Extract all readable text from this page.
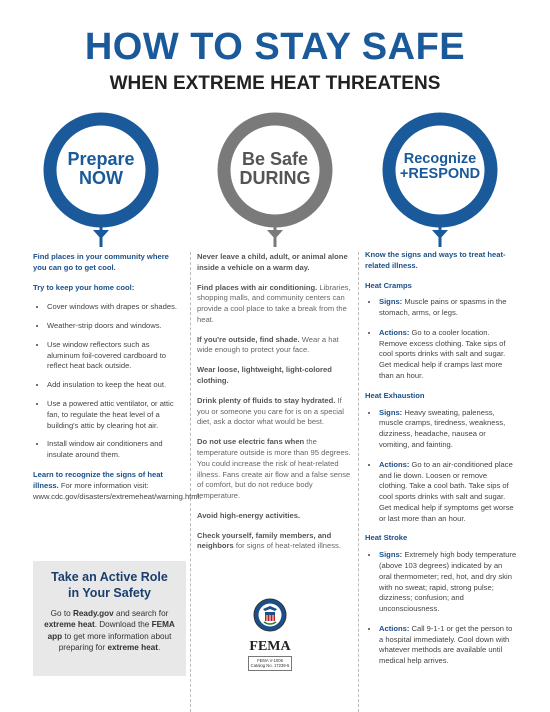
HOW TO STAY SAFE
WHEN EXTREME HEAT THREATENS
Prepare
NOW
Be Safe
DURING
Recognize
+RESPOND

Find places in your community where you can go to get cool.

Try to keep your home cool:

• Cover windows with drapes or shades.
• Weather-strip doors and windows.
• Use window reflectors such as aluminum foil-covered cardboard to reflect heat back outside.
• Add insulation to keep the heat out.
• Use a powered attic ventilator, or attic fan, to regulate the heat level of a building's attic by clearing hot air.
• Install window air conditioners and insulate around them.

Learn to recognize the signs of heat illness. For more information visit: www.cdc.gov/disasters/extremeheat/warning.html.

Never leave a child, adult, or animal alone inside a vehicle on a warm day.

Find places with air conditioning. Libraries, shopping malls, and community centers can provide a cool place to take a break from the heat.

If you're outside, find shade. Wear a hat wide enough to protect your face.

Wear loose, lightweight, light-colored clothing.

Drink plenty of fluids to stay hydrated. If you or someone you care for is on a special diet, ask a doctor what would be best.

Do not use electric fans when the temperature outside is more than 95 degrees. You could increase the risk of heat-related illness. Fans create air flow and a false sense of comfort, but do not reduce body temperature.

Avoid high-energy activities.

Check yourself, family members, and neighbors for signs of heat-related illness.

Know the signs and ways to treat heat-related illness.

Heat Cramps
• Signs: Muscle pains or spasms in the stomach, arms, or legs.
• Actions: Go to a cooler location. Remove excess clothing. Take sips of cool sports drinks with salt and sugar. Get medical help if cramps last more than an hour.
Heat Exhaustion
• Signs: Heavy sweating, paleness, muscle cramps, tiredness, weakness, dizziness, headache, nausea or vomiting, and fainting.
• Actions: Go to an air-conditioned place and lie down. Loosen or remove clothing. Take a cool bath. Take sips of cool sports drinks with salt and sugar. Get medical help if symptoms get worse or last more than an hour.
Heat Stroke
• Signs: Extremely high body temperature (above 103 degrees) indicated by an oral thermometer; red, hot, and dry skin with no sweat; rapid, strong pulse; dizziness; confusion; and unconsciousness.
• Actions: Call 9-1-1 or get the person to a hospital immediately. Cool down with whatever methods are available until medical help arrives.
Take an Active Role
in Your Safety
Go to Ready.gov and search for extreme heat. Download the FEMA app to get more information about preparing for extreme heat.	FEMA
FEMA V-1006
Catalog No. 17239-5
